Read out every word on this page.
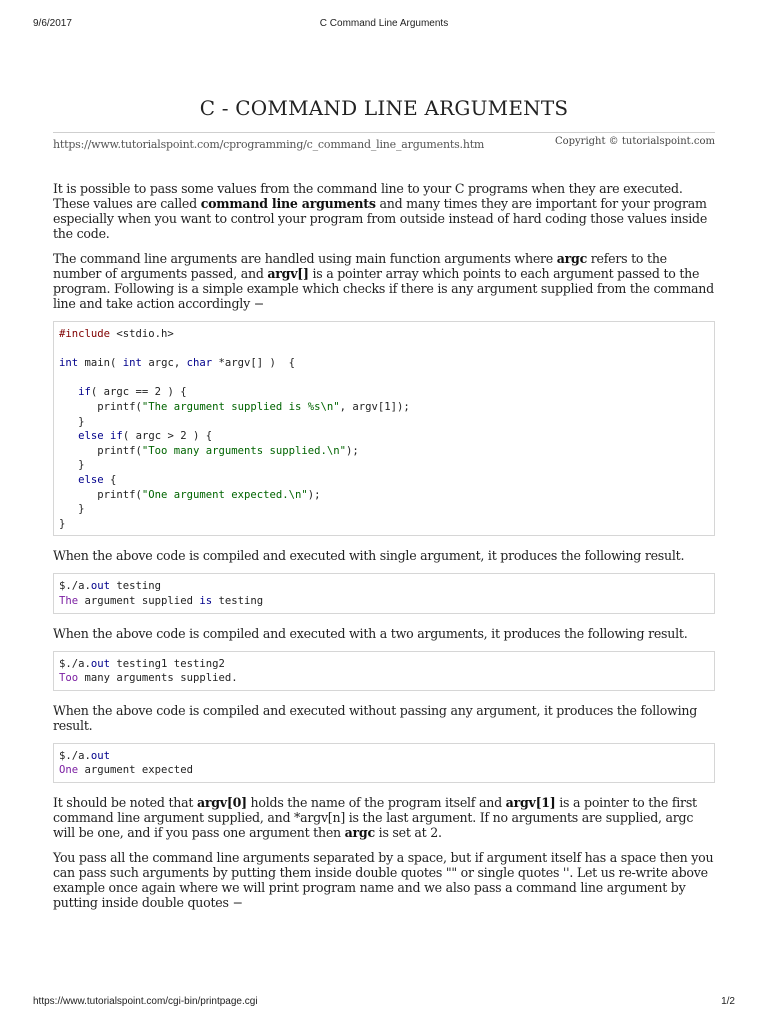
9/6/2017	C Command Line Arguments
C - COMMAND LINE ARGUMENTS
https://www.tutorialspoint.com/cprogramming/c_command_line_arguments.htm	Copyright © tutorialspoint.com

It is possible to pass some values from the command line to your C programs when they are executed. These values are called command line arguments and many times they are important for your program especially when you want to control your program from outside instead of hard coding those values inside the code.

The command line arguments are handled using main function arguments where argc refers to the number of arguments passed, and argv[] is a pointer array which points to each argument passed to the program. Following is a simple example which checks if there is any argument supplied from the command line and take action accordingly −

#include <stdio.h>

int main( int argc, char *argv[] )  {

if( argc == 2 ) {
printf("The argument supplied is %s\n", argv[1]);
}
else if( argc > 2 ) {
printf("Too many arguments supplied.\n");
}
else {
printf("One argument expected.\n");
}
}

When the above code is compiled and executed with single argument, it produces the following result.

$./a.out testing
The argument supplied is testing

When the above code is compiled and executed with a two arguments, it produces the following result.

$./a.out testing1 testing2
Too many arguments supplied.

When the above code is compiled and executed without passing any argument, it produces the following result.

$./a.out
One argument expected

It should be noted that argv[0] holds the name of the program itself and argv[1] is a pointer to the first command line argument supplied, and *argv[n] is the last argument. If no arguments are supplied, argc will be one, and if you pass one argument then argc is set at 2.

You pass all the command line arguments separated by a space, but if argument itself has a space then you can pass such arguments by putting them inside double quotes "" or single quotes ''. Let us re-write above example once again where we will print program name and we also pass a command line argument by putting inside double quotes −

https://www.tutorialspoint.com/cgi-bin/printpage.cgi	1/2
